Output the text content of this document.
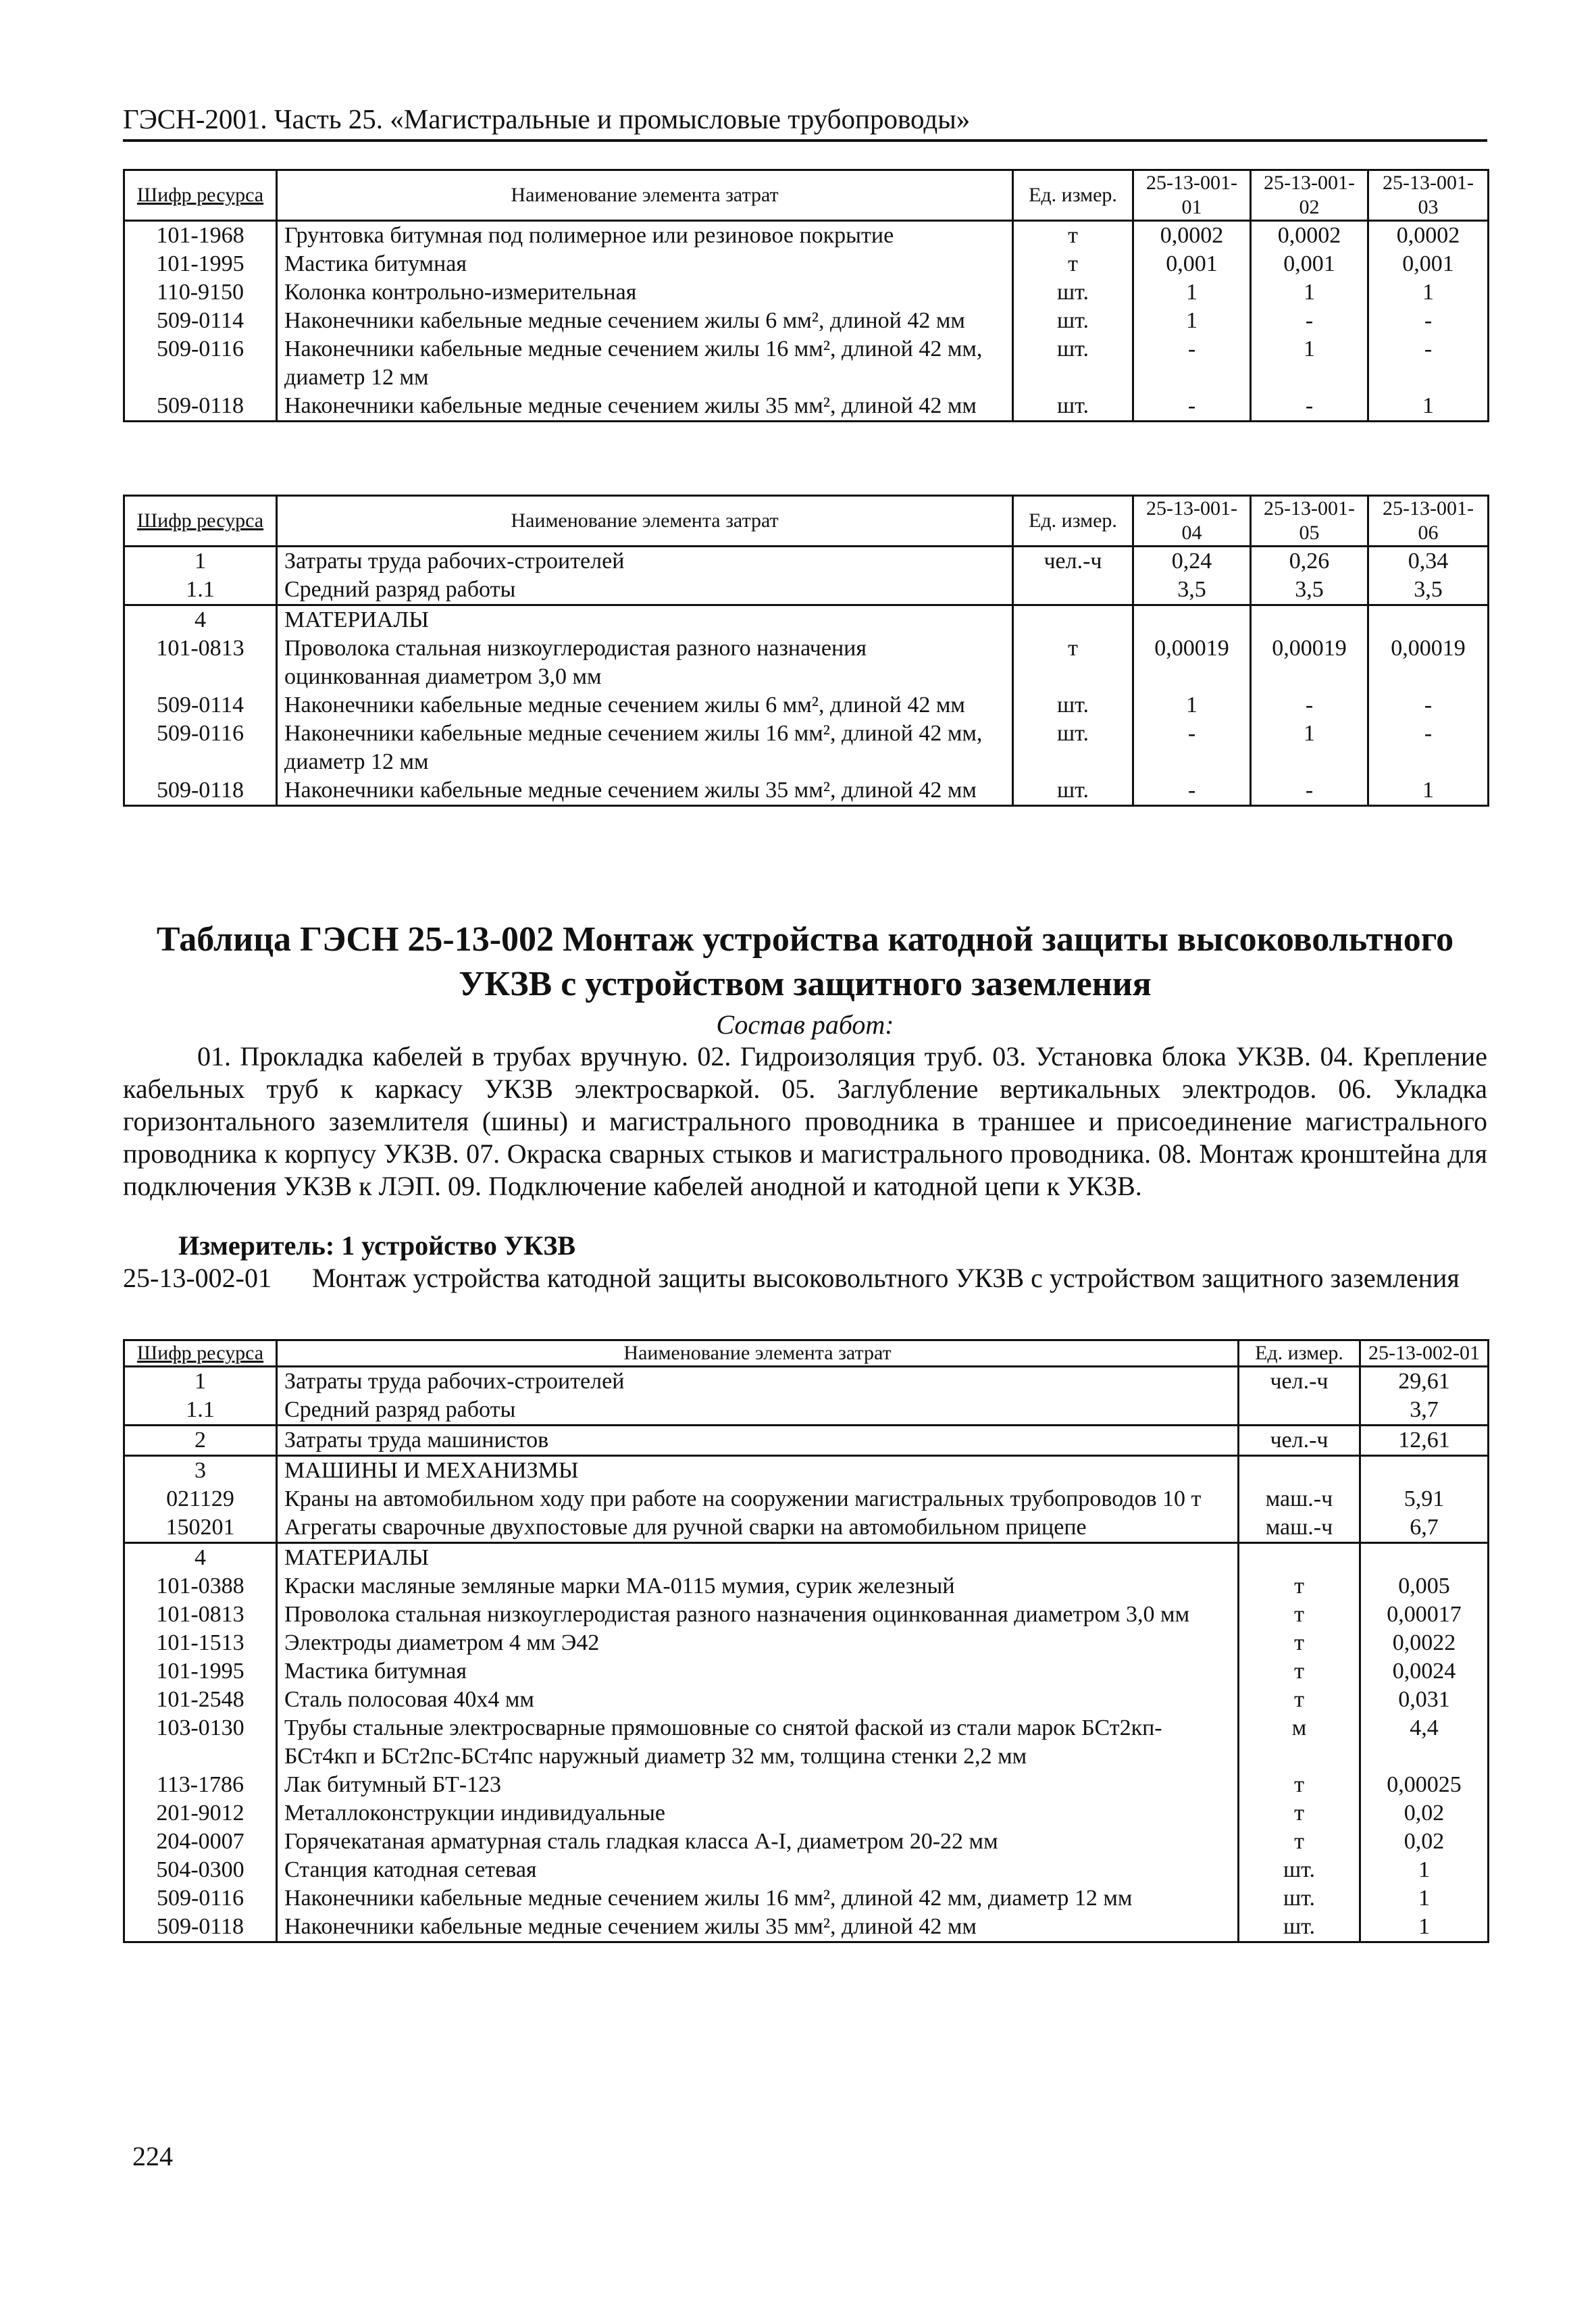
ГЭСН-2001. Часть 25. «Магистральные и промысловые трубопроводы»
Шифр ресурса	Наименование элемента затрат	Ед. измер.	25-13-001-01	25-13-001-02	25-13-001-03
101-1968	Грунтовка битумная под полимерное или резиновое покрытие	т	0,0002	0,0002	0,0002
101-1995	Мастика битумная	т	0,001	0,001	0,001
110-9150	Колонка контрольно-измерительная	шт.	1	1	1
509-0114	Наконечники кабельные медные сечением жилы 6 мм², длиной 42 мм	шт.	1	-	-
509-0116	Наконечники кабельные медные сечением жилы 16 мм², длиной 42 мм, диаметр 12 мм	шт.	-	1	-
509-0118	Наконечники кабельные медные сечением жилы 35 мм², длиной 42 мм	шт.	-	-	1
Шифр ресурса	Наименование элемента затрат	Ед. измер.	25-13-001-04	25-13-001-05	25-13-001-06
1	Затраты труда рабочих-строителей	чел.-ч	0,24	0,26	0,34
1.1	Средний разряд работы		3,5	3,5	3,5
4	МАТЕРИАЛЫ				
101-0813	Проволока стальная низкоуглеродистая разного назначения оцинкованная диаметром 3,0 мм	т	0,00019	0,00019	0,00019
509-0114	Наконечники кабельные медные сечением жилы 6 мм², длиной 42 мм	шт.	1	-	-
509-0116	Наконечники кабельные медные сечением жилы 16 мм², длиной 42 мм, диаметр 12 мм	шт.	-	1	-
509-0118	Наконечники кабельные медные сечением жилы 35 мм², длиной 42 мм	шт.	-	-	1
Таблица ГЭСН 25-13-002 Монтаж устройства катодной защиты высоковольтного УКЗВ с устройством защитного заземления
Состав работ:

01. Прокладка кабелей в трубах вручную. 02. Гидроизоляция труб. 03. Установка блока УКЗВ. 04. Крепление кабельных труб к каркасу УКЗВ электросваркой. 05. Заглубление вертикальных электродов. 06. Укладка горизонтального заземлителя (шины) и магистрального проводника в траншее и присоединение магистрального проводника к корпусу УКЗВ. 07. Окраска сварных стыков и магистрального проводника. 08. Монтаж кронштейна для подключения УКЗВ к ЛЭП. 09. Подключение кабелей анодной и катодной цепи к УКЗВ.

Измеритель: 1 устройство УКЗВ
25-13-002-01 Монтаж устройства катодной защиты высоковольтного УКЗВ с устройством защитного заземления
Шифр ресурса	Наименование элемента затрат	Ед. измер.	25-13-002-01
1	Затраты труда рабочих-строителей	чел.-ч	29,61
1.1	Средний разряд работы		3,7
2	Затраты труда машинистов	чел.-ч	12,61
3	МАШИНЫ И МЕХАНИЗМЫ		
021129	Краны на автомобильном ходу при работе на сооружении магистральных трубопроводов 10 т	маш.-ч	5,91
150201	Агрегаты сварочные двухпостовые для ручной сварки на автомобильном прицепе	маш.-ч	6,7
4	МАТЕРИАЛЫ		
101-0388	Краски масляные земляные марки МА-0115 мумия, сурик железный	т	0,005
101-0813	Проволока стальная низкоуглеродистая разного назначения оцинкованная диаметром 3,0 мм	т	0,00017
101-1513	Электроды диаметром 4 мм Э42	т	0,0022
101-1995	Мастика битумная	т	0,0024
101-2548	Сталь полосовая 40х4 мм	т	0,031
103-0130	Трубы стальные электросварные прямошовные со снятой фаской из стали марок БСт2кп-БСт4кп и БСт2пс-БСт4пс наружный диаметр 32 мм, толщина стенки 2,2 мм	м	4,4
113-1786	Лак битумный БТ-123	т	0,00025
201-9012	Металлоконструкции индивидуальные	т	0,02
204-0007	Горячекатаная арматурная сталь гладкая класса А-I, диаметром 20-22 мм	т	0,02
504-0300	Станция катодная сетевая	шт.	1
509-0116	Наконечники кабельные медные сечением жилы 16 мм², длиной 42 мм, диаметр 12 мм	шт.	1
509-0118	Наконечники кабельные медные сечением жилы 35 мм², длиной 42 мм	шт.	1
224
